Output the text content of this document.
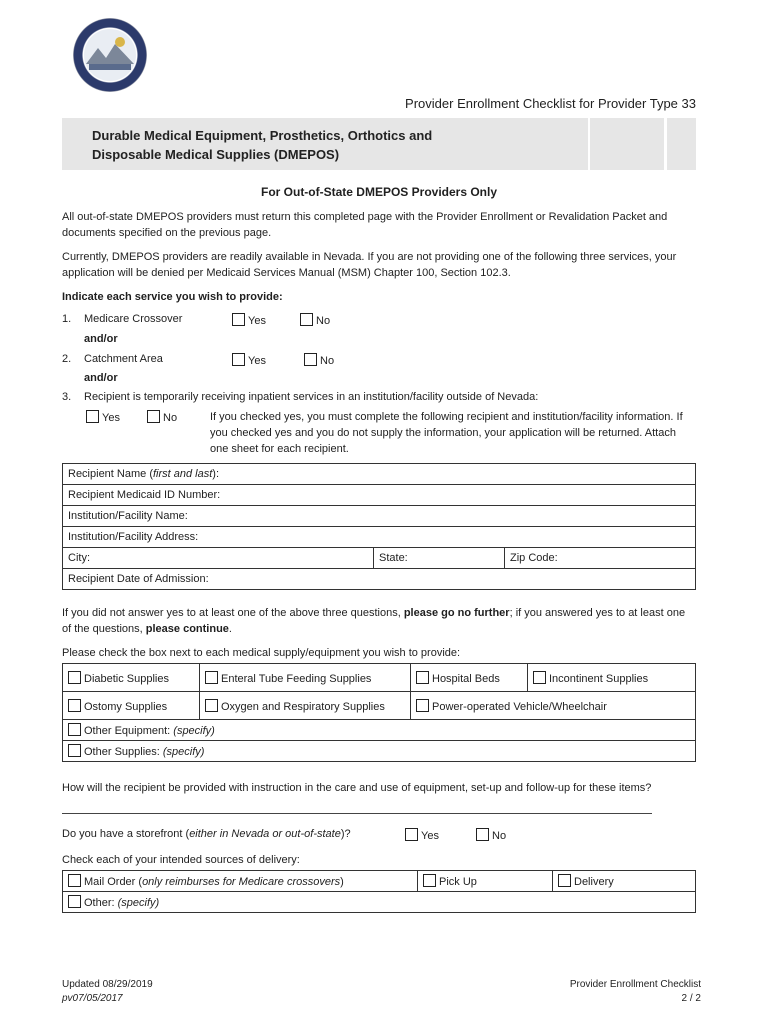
Provider Enrollment Checklist for Provider Type 33
Durable Medical Equipment, Prosthetics, Orthotics and
Disposable Medical Supplies (DMEPOS)
For Out-of-State DMEPOS Providers Only
All out-of-state DMEPOS providers must return this completed page with the Provider Enrollment or Revalidation Packet and documents specified on the previous page.
Currently, DMEPOS providers are readily available in Nevada. If you are not providing one of the following three services, your application will be denied per Medicaid Services Manual (MSM) Chapter 100, Section 102.3.
Indicate each service you wish to provide:
1. Medicare Crossover	Yes	No
and/or
2. Catchment Area	Yes	No
and/or
3. Recipient is temporarily receiving inpatient services in an institution/facility outside of Nevada:
Yes	No	If you checked yes, you must complete the following recipient and institution/facility information. If you checked yes and you do not supply the information, your application will be returned. Attach one sheet for each recipient.
Recipient Name (first and last):
Recipient Medicaid ID Number:
Institution/Facility Name:
Institution/Facility Address:
City:	State:	Zip Code:
Recipient Date of Admission:
If you did not answer yes to at least one of the above three questions, please go no further; if you answered yes to at least one of the questions, please continue.
Please check the box next to each medical supply/equipment you wish to provide:
Diabetic Supplies	Enteral Tube Feeding Supplies	Hospital Beds	Incontinent Supplies
Ostomy Supplies	Oxygen and Respiratory Supplies	Power-operated Vehicle/Wheelchair	
Other Equipment: (specify)			
Other Supplies: (specify)			
How will the recipient be provided with instruction in the care and use of equipment, set-up and follow-up for these items?
Do you have a storefront (either in Nevada or out-of-state)?	Yes	No
Check each of your intended sources of delivery:
Mail Order (only reimburses for Medicare crossovers)	Pick Up	Delivery
Other: (specify)
Updated 08/29/2019
pv07/05/2017
Provider Enrollment Checklist
2 / 2
